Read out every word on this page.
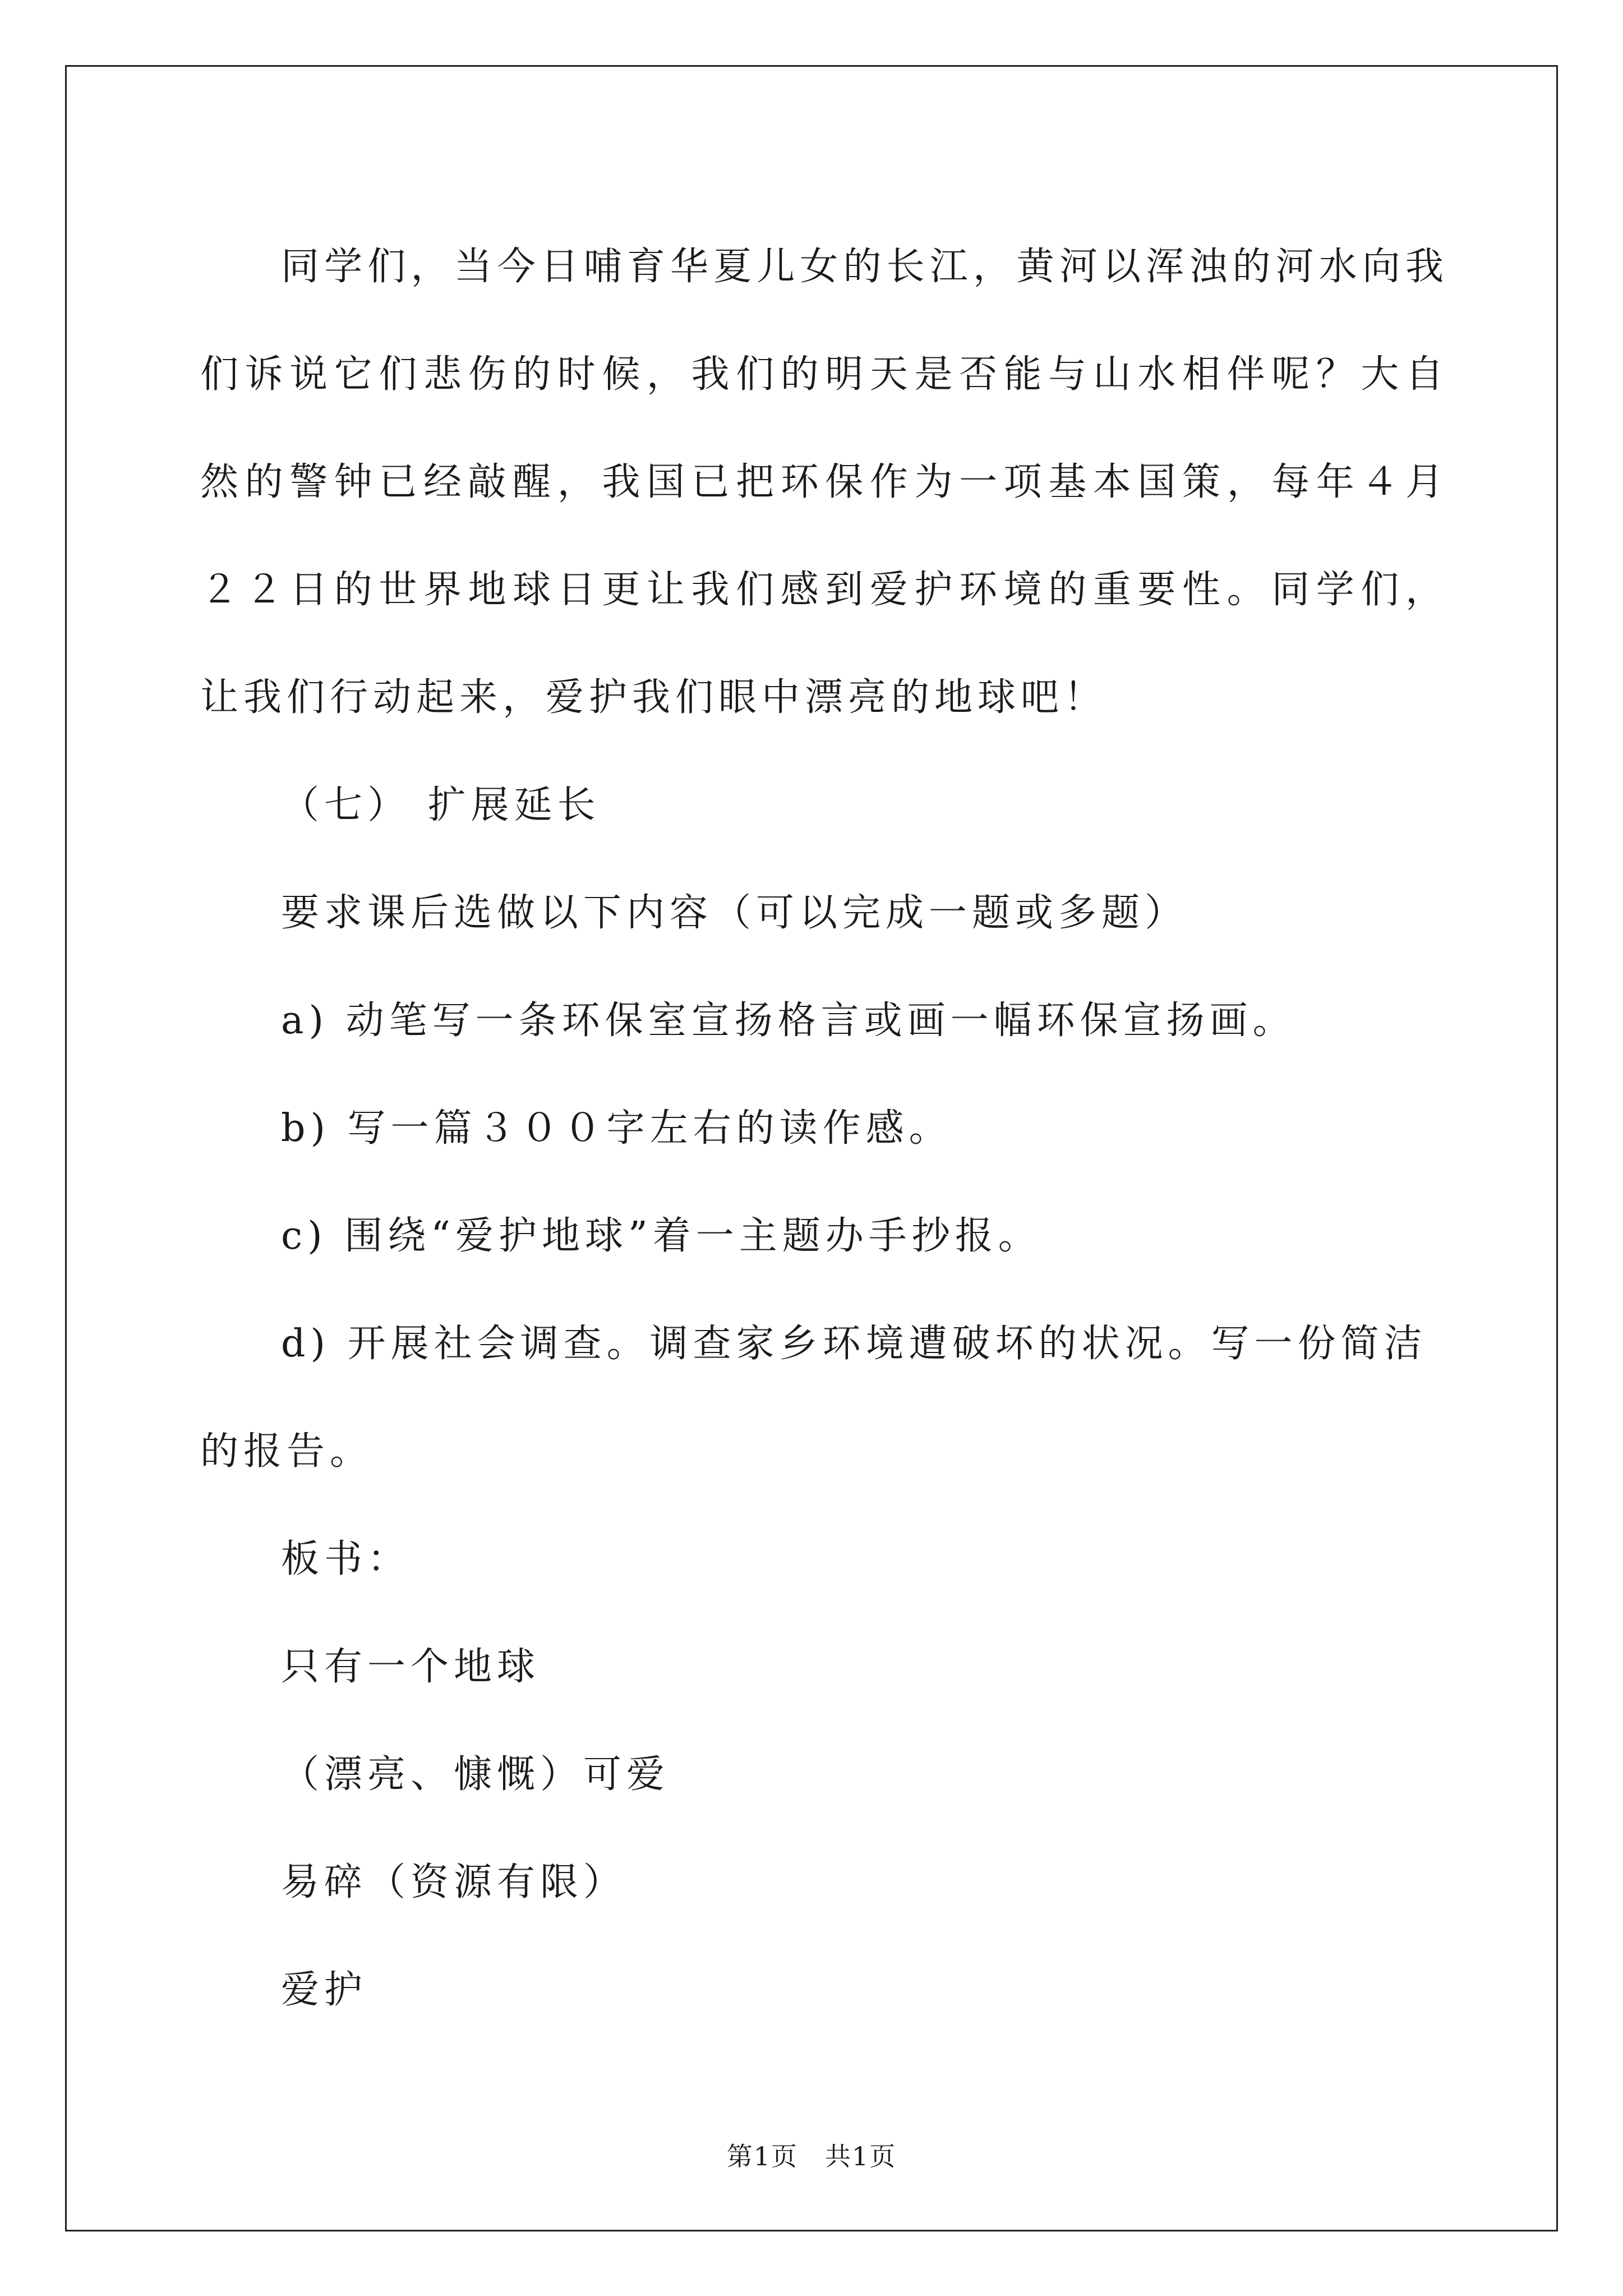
同学们，当今日哺育华夏儿女的长江，黄河以浑浊的河水向我们诉说它们悲伤的时候，我们的明天是否能与山水相伴呢？大自然的警钟已经敲醒，我国已把环保作为一项基本国策，每年４月２２日的世界地球日更让我们感到爱护环境的重要性。同学们，让我们行动起来，爱护我们眼中漂亮的地球吧！

（七） 扩展延长

要求课后选做以下内容（可以完成一题或多题）

a) 动笔写一条环保室宣扬格言或画一幅环保宣扬画。

b) 写一篇３００字左右的读作感。

c) 围绕“爱护地球”着一主题办手抄报。

d) 开展社会调查。调查家乡环境遭破坏的状况。写一份简洁的报告。

板书：

只有一个地球

（漂亮、慷慨）可爱

易碎（资源有限）

爱护

第1页　共1页
